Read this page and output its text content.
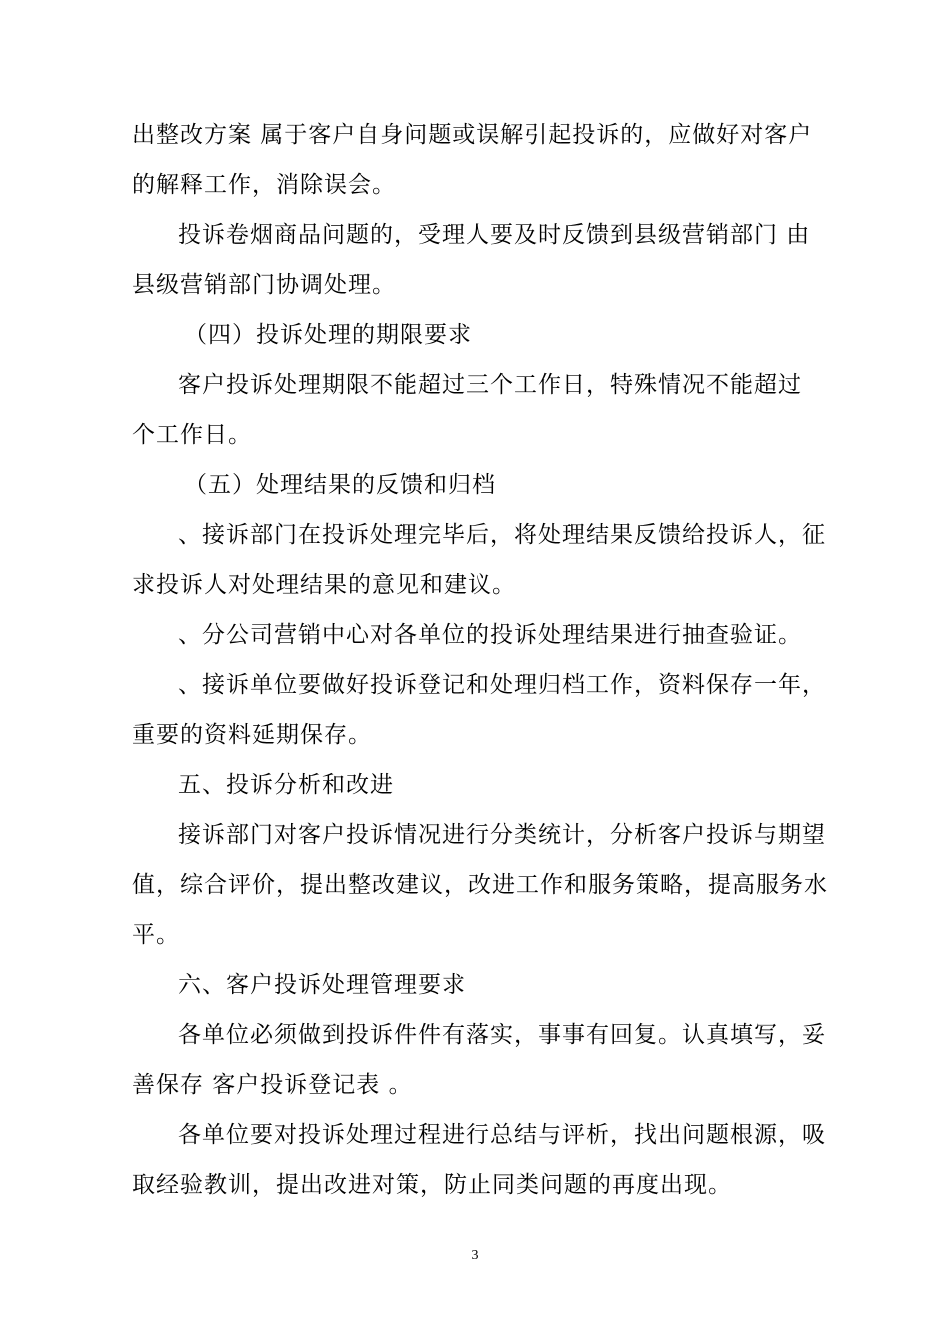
出整改方案 属于客户自身问题或误解引起投诉的，应做好对客户的解释工作，消除误会。

投诉卷烟商品问题的，受理人要及时反馈到县级营销部门 由县级营销部门协调处理。

（四）投诉处理的期限要求

客户投诉处理期限不能超过三个工作日，特殊情况不能超过 个工作日。

（五）处理结果的反馈和归档

、接诉部门在投诉处理完毕后，将处理结果反馈给投诉人，征求投诉人对处理结果的意见和建议。

、分公司营销中心对各单位的投诉处理结果进行抽查验证。

、接诉单位要做好投诉登记和处理归档工作，资料保存一年，重要的资料延期保存。

五、投诉分析和改进

接诉部门对客户投诉情况进行分类统计，分析客户投诉与期望值，综合评价，提出整改建议，改进工作和服务策略，提高服务水平。

六、客户投诉处理管理要求

各单位必须做到投诉件件有落实，事事有回复。认真填写，妥善保存 客户投诉登记表 。

各单位要对投诉处理过程进行总结与评析，找出问题根源，吸取经验教训，提出改进对策，防止同类问题的再度出现。

3
